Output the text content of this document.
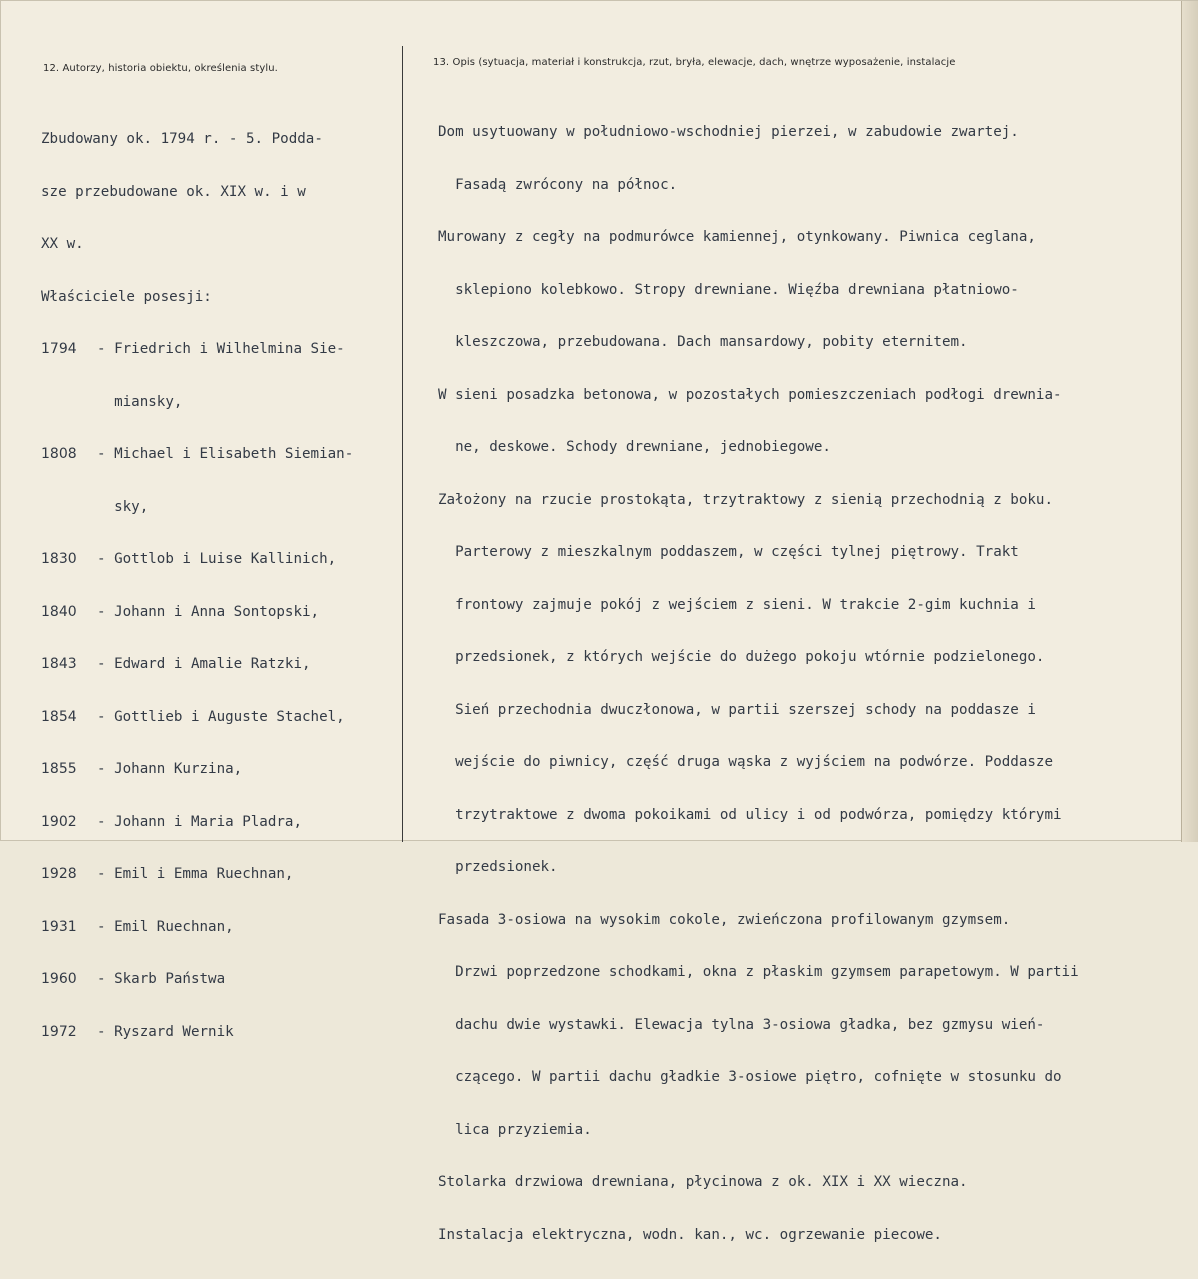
12. Autorzy, historia obiektu, określenia stylu.
13. Opis (sytuacja, materiał i konstrukcja, rzut, bryła, elewacje, dach, wnętrze wyposażenie, instalacje

Zbudowany ok. 1794 r. - 5. Podda-

sze przebudowane ok. XIX w. i w

XX w.

Właściciele posesji:

1794	- Friedrich i Wilhelmina Sie-

miansky,

1808	- Michael i Elisabeth Siemian-

sky,

1830	- Gottlob i Luise Kallinich,

1840	- Johann i Anna Sontopski,

1843	- Edward i Amalie Ratzki,

1854	- Gottlieb i Auguste Stachel,

1855	- Johann Kurzina,

1902	- Johann i Maria Pladra,

1928	- Emil i Emma Ruechnan,

1931	- Emil Ruechnan,

1960	- Skarb Państwa

1972	- Ryszard Wernik

Dom usytuowany w południowo-wschodniej pierzei, w zabudowie zwartej.

Fasadą zwrócony na północ.

Murowany z cegły na podmurówce kamiennej, otynkowany. Piwnica ceglana,

sklepiono kolebkowo. Stropy drewniane. Więźba drewniana płatniowo-

kleszczowa, przebudowana. Dach mansardowy, pobity eternitem.

W sieni posadzka betonowa, w pozostałych pomieszczeniach podłogi drewnia-

ne, deskowe. Schody drewniane, jednobiegowe.

Założony na rzucie prostokąta, trzytraktowy z sienią przechodnią z boku.

Parterowy z mieszkalnym poddaszem, w części tylnej piętrowy. Trakt

frontowy zajmuje pokój z wejściem z sieni. W trakcie 2-gim kuchnia i

przedsionek, z których wejście do dużego pokoju wtórnie podzielonego.

Sień przechodnia dwuczłonowa, w partii szerszej schody na poddasze i

wejście do piwnicy, część druga wąska z wyjściem na podwórze. Poddasze

trzytraktowe z dwoma pokoikami od ulicy i od podwórza, pomiędzy którymi

przedsionek.

Fasada 3-osiowa na wysokim cokole, zwieńczona profilowanym gzymsem.

Drzwi poprzedzone schodkami, okna z płaskim gzymsem parapetowym. W partii

dachu dwie wystawki. Elewacja tylna 3-osiowa gładka, bez gzmysu wień-

czącego. W partii dachu gładkie 3-osiowe piętro, cofnięte w stosunku do

lica przyziemia.

Stolarka drzwiowa drewniana, płycinowa z ok. XIX i XX wieczna.

Instalacja elektryczna, wodn. kan., wc. ogrzewanie piecowe.
